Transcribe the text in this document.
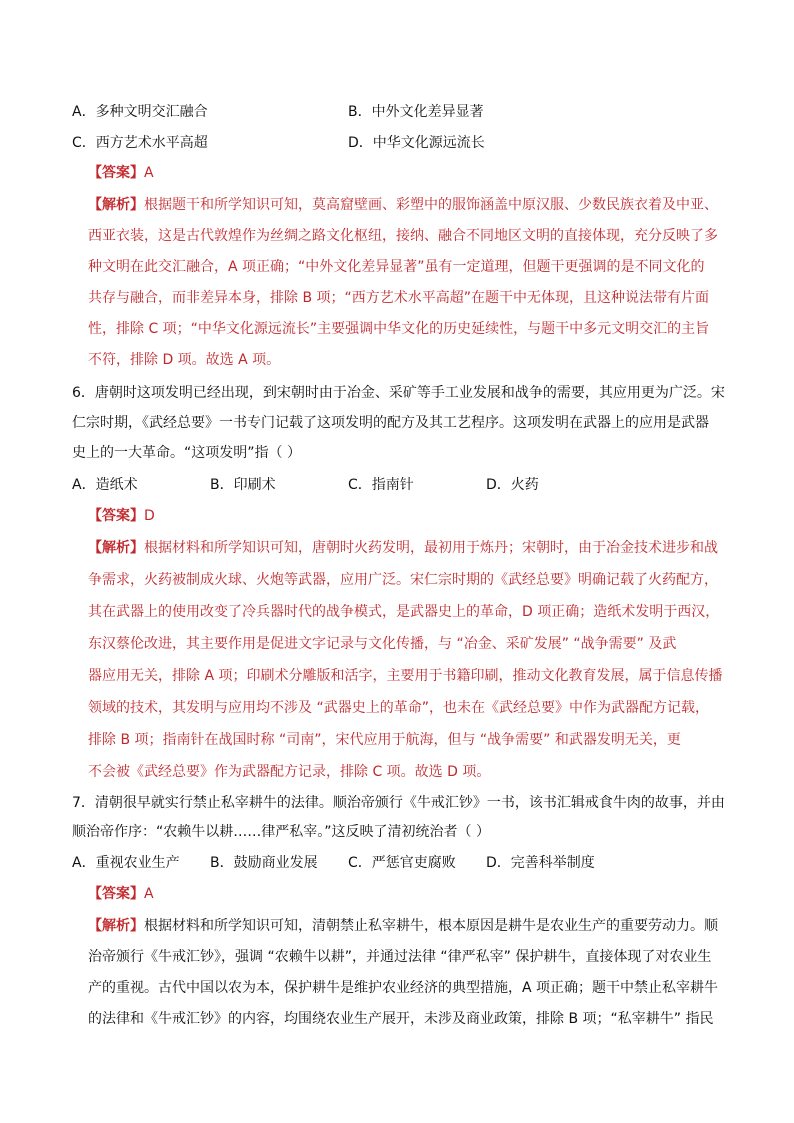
A．多种文明交汇融合	B．中外文化差异显著
C．西方艺术水平高超	D．中华文化源远流长
【答案】A
【解析】根据题干和所学知识可知，莫高窟壁画、彩塑中的服饰涵盖中原汉服、少数民族衣着及中亚、
西亚衣装，这是古代敦煌作为丝绸之路文化枢纽，接纳、融合不同地区文明的直接体现，充分反映了多
种文明在此交汇融合，A 项正确；“中外文化差异显著”虽有一定道理，但题干更强调的是不同文化的
共存与融合，而非差异本身，排除 B 项；“西方艺术水平高超”在题干中无体现，且这种说法带有片面
性，排除 C 项；“中华文化源远流长”主要强调中华文化的历史延续性，与题干中多元文明交汇的主旨
不符，排除 D 项。故选 A 项。
6．唐朝时这项发明已经出现，到宋朝时由于冶金、采矿等手工业发展和战争的需要，其应用更为广泛。宋
仁宗时期，《武经总要》一书专门记载了这项发明的配方及其工艺程序。这项发明在武器上的应用是武器
史上的一大革命。“这项发明”指（ ）
A．造纸术	B．印刷术	C．指南针	D．火药
【答案】D
【解析】根据材料和所学知识可知，唐朝时火药发明，最初用于炼丹；宋朝时，由于冶金技术进步和战
争需求，火药被制成火球、火炮等武器，应用广泛。宋仁宗时期的《武经总要》明确记载了火药配方，
其在武器上的使用改变了冷兵器时代的战争模式，是武器史上的革命，D 项正确；造纸术发明于西汉，
东汉蔡伦改进，其主要作用是促进文字记录与文化传播，与 “冶金、采矿发展” “战争需要” 及武
器应用无关，排除 A 项；印刷术分雕版和活字，主要用于书籍印刷，推动文化教育发展，属于信息传播
领域的技术，其发明与应用均不涉及 “武器史上的革命”，也未在《武经总要》中作为武器配方记载，
排除 B 项；指南针在战国时称 “司南”，宋代应用于航海，但与 “战争需要” 和武器发明无关，更
不会被《武经总要》作为武器配方记录，排除 C 项。故选 D 项。
7．清朝很早就实行禁止私宰耕牛的法律。顺治帝颁行《牛戒汇钞》一书，该书汇辑戒食牛肉的故事，并由
顺治帝作序：“农赖牛以耕……律严私宰。”这反映了清初统治者（ ）
A．重视农业生产 B．鼓励商业发展 C．严惩官吏腐败 D．完善科举制度
【答案】A
【解析】根据材料和所学知识可知，清朝禁止私宰耕牛，根本原因是耕牛是农业生产的重要劳动力。顺
治帝颁行《牛戒汇钞》，强调 “农赖牛以耕”，并通过法律 “律严私宰” 保护耕牛，直接体现了对农业生
产的重视。古代中国以农为本，保护耕牛是维护农业经济的典型措施，A 项正确；题干中禁止私宰耕牛
的法律和《牛戒汇钞》的内容，均围绕农业生产展开，未涉及商业政策，排除 B 项；“私宰耕牛” 指民
